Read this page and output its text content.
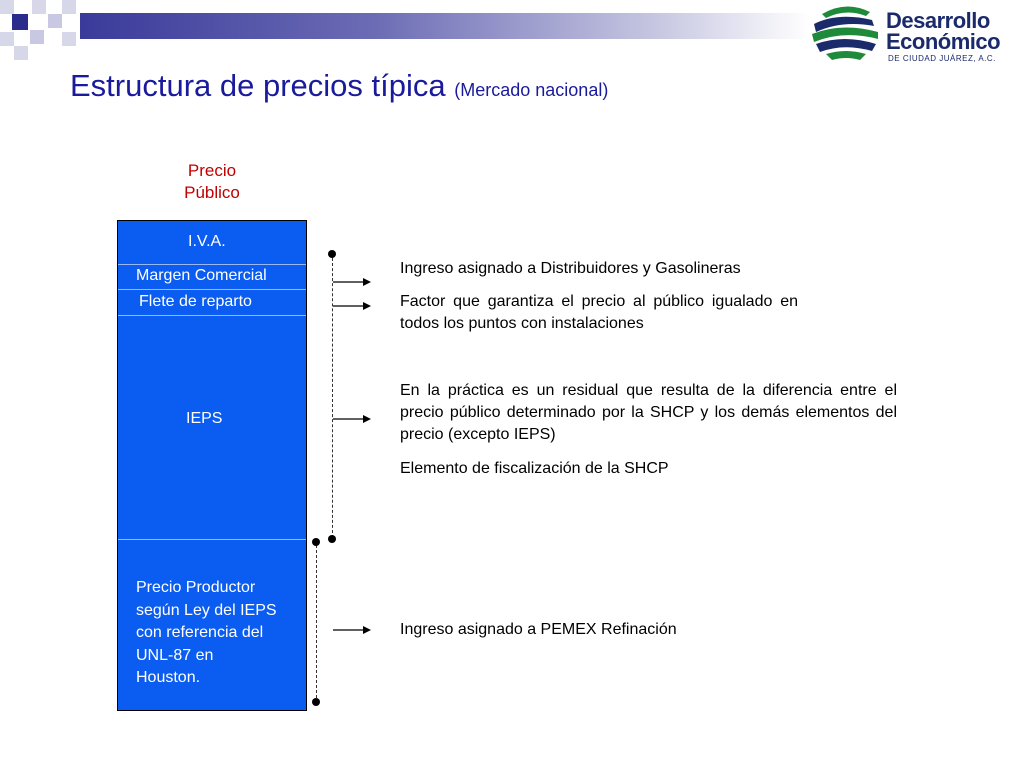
Desarrollo
Económico
DE CIUDAD JUÁREZ, A.C.
Estructura de precios típica (Mercado nacional)
Precio
Público
I.V.A.
Margen Comercial
Flete de reparto
IEPS
Precio Productor
según Ley del IEPS
con referencia del
UNL-87 en
Houston.
Ingreso asignado a Distribuidores y Gasolineras
Factor que garantiza el precio al público igualado en todos los puntos con instalaciones
En la práctica es un residual que resulta de la diferencia entre el precio público determinado por la SHCP y los demás elementos del precio (excepto IEPS)
Elemento de fiscalización de la SHCP
Ingreso asignado a PEMEX Refinación
